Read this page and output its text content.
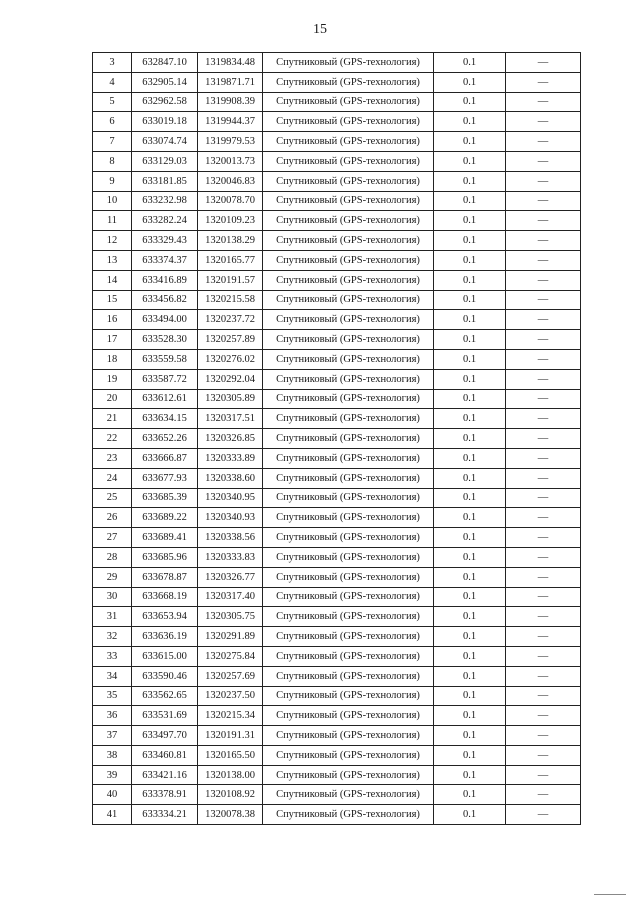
15
3	632847.10	1319834.48	Спутниковый (GPS-технология)	0.1	—
4	632905.14	1319871.71	Спутниковый (GPS-технология)	0.1	—
5	632962.58	1319908.39	Спутниковый (GPS-технология)	0.1	—
6	633019.18	1319944.37	Спутниковый (GPS-технология)	0.1	—
7	633074.74	1319979.53	Спутниковый (GPS-технология)	0.1	—
8	633129.03	1320013.73	Спутниковый (GPS-технология)	0.1	—
9	633181.85	1320046.83	Спутниковый (GPS-технология)	0.1	—
10	633232.98	1320078.70	Спутниковый (GPS-технология)	0.1	—
11	633282.24	1320109.23	Спутниковый (GPS-технология)	0.1	—
12	633329.43	1320138.29	Спутниковый (GPS-технология)	0.1	—
13	633374.37	1320165.77	Спутниковый (GPS-технология)	0.1	—
14	633416.89	1320191.57	Спутниковый (GPS-технология)	0.1	—
15	633456.82	1320215.58	Спутниковый (GPS-технология)	0.1	—
16	633494.00	1320237.72	Спутниковый (GPS-технология)	0.1	—
17	633528.30	1320257.89	Спутниковый (GPS-технология)	0.1	—
18	633559.58	1320276.02	Спутниковый (GPS-технология)	0.1	—
19	633587.72	1320292.04	Спутниковый (GPS-технология)	0.1	—
20	633612.61	1320305.89	Спутниковый (GPS-технология)	0.1	—
21	633634.15	1320317.51	Спутниковый (GPS-технология)	0.1	—
22	633652.26	1320326.85	Спутниковый (GPS-технология)	0.1	—
23	633666.87	1320333.89	Спутниковый (GPS-технология)	0.1	—
24	633677.93	1320338.60	Спутниковый (GPS-технология)	0.1	—
25	633685.39	1320340.95	Спутниковый (GPS-технология)	0.1	—
26	633689.22	1320340.93	Спутниковый (GPS-технология)	0.1	—
27	633689.41	1320338.56	Спутниковый (GPS-технология)	0.1	—
28	633685.96	1320333.83	Спутниковый (GPS-технология)	0.1	—
29	633678.87	1320326.77	Спутниковый (GPS-технология)	0.1	—
30	633668.19	1320317.40	Спутниковый (GPS-технология)	0.1	—
31	633653.94	1320305.75	Спутниковый (GPS-технология)	0.1	—
32	633636.19	1320291.89	Спутниковый (GPS-технология)	0.1	—
33	633615.00	1320275.84	Спутниковый (GPS-технология)	0.1	—
34	633590.46	1320257.69	Спутниковый (GPS-технология)	0.1	—
35	633562.65	1320237.50	Спутниковый (GPS-технология)	0.1	—
36	633531.69	1320215.34	Спутниковый (GPS-технология)	0.1	—
37	633497.70	1320191.31	Спутниковый (GPS-технология)	0.1	—
38	633460.81	1320165.50	Спутниковый (GPS-технология)	0.1	—
39	633421.16	1320138.00	Спутниковый (GPS-технология)	0.1	—
40	633378.91	1320108.92	Спутниковый (GPS-технология)	0.1	—
41	633334.21	1320078.38	Спутниковый (GPS-технология)	0.1	—
